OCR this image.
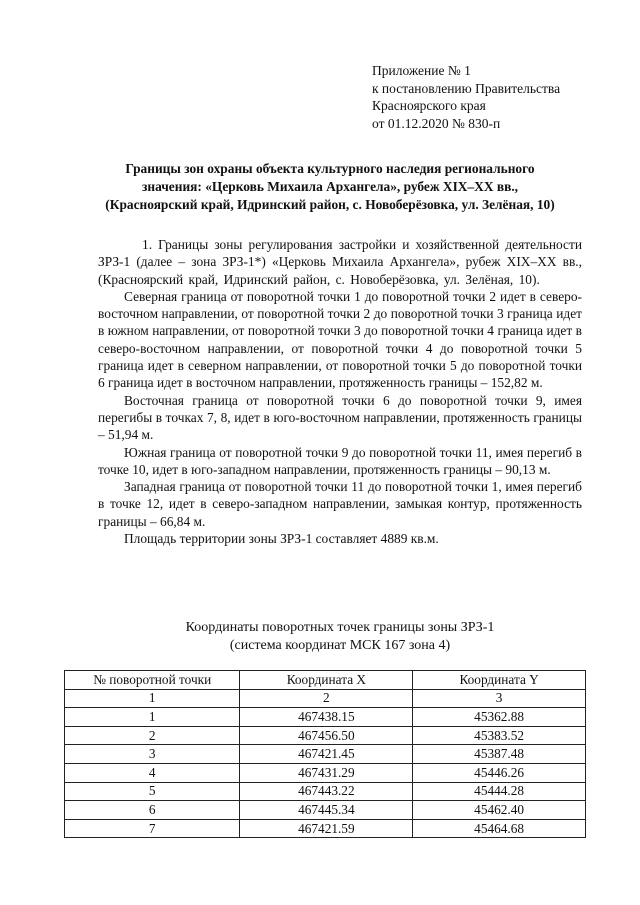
Приложение № 1
к постановлению Правительства
Красноярского края
от 01.12.2020 № 830-п
Границы зон охраны объекта культурного наследия регионального
значения: «Церковь Михаила Архангела», рубеж XIX–XX вв.,
(Красноярский край, Идринский район, с. Новоберёзовка, ул. Зелёная, 10)

1. Границы зоны регулирования застройки и хозяйственной деятельности ЗРЗ-1 (далее – зона ЗРЗ-1*) «Церковь Михаила Архангела», рубеж XIX–XX вв., (Красноярский край, Идринский район, с. Новоберёзовка, ул. Зелёная, 10).

Северная граница от поворотной точки 1 до поворотной точки 2 идет в северо-восточном направлении, от поворотной точки 2 до поворотной точки 3 граница идет в южном направлении, от поворотной точки 3 до поворотной точки 4 граница идет в северо-восточном направлении, от поворотной точки 4 до поворотной точки 5 граница идет в северном направлении, от поворотной точки 5 до поворотной точки 6 граница идет в восточном направлении, протяженность границы – 152,82 м.

Восточная граница от поворотной точки 6 до поворотной точки 9, имея перегибы в точках 7, 8, идет в юго-восточном направлении, протяженность границы – 51,94 м.

Южная граница от поворотной точки 9 до поворотной точки 11, имея перегиб в точке 10, идет в юго-западном направлении, протяженность границы – 90,13 м.

Западная граница от поворотной точки 11 до поворотной точки 1, имея перегиб в точке 12, идет в северо-западном направлении, замыкая контур, протяженность границы – 66,84 м.

Площадь территории зоны ЗРЗ-1 составляет 4889 кв.м.

Координаты поворотных точек границы зоны ЗРЗ-1
(система координат МСК 167 зона 4)
№ поворотной точки	Координата X	Координата Y
1	2	3
1	467438.15	45362.88
2	467456.50	45383.52
3	467421.45	45387.48
4	467431.29	45446.26
5	467443.22	45444.28
6	467445.34	45462.40
7	467421.59	45464.68
